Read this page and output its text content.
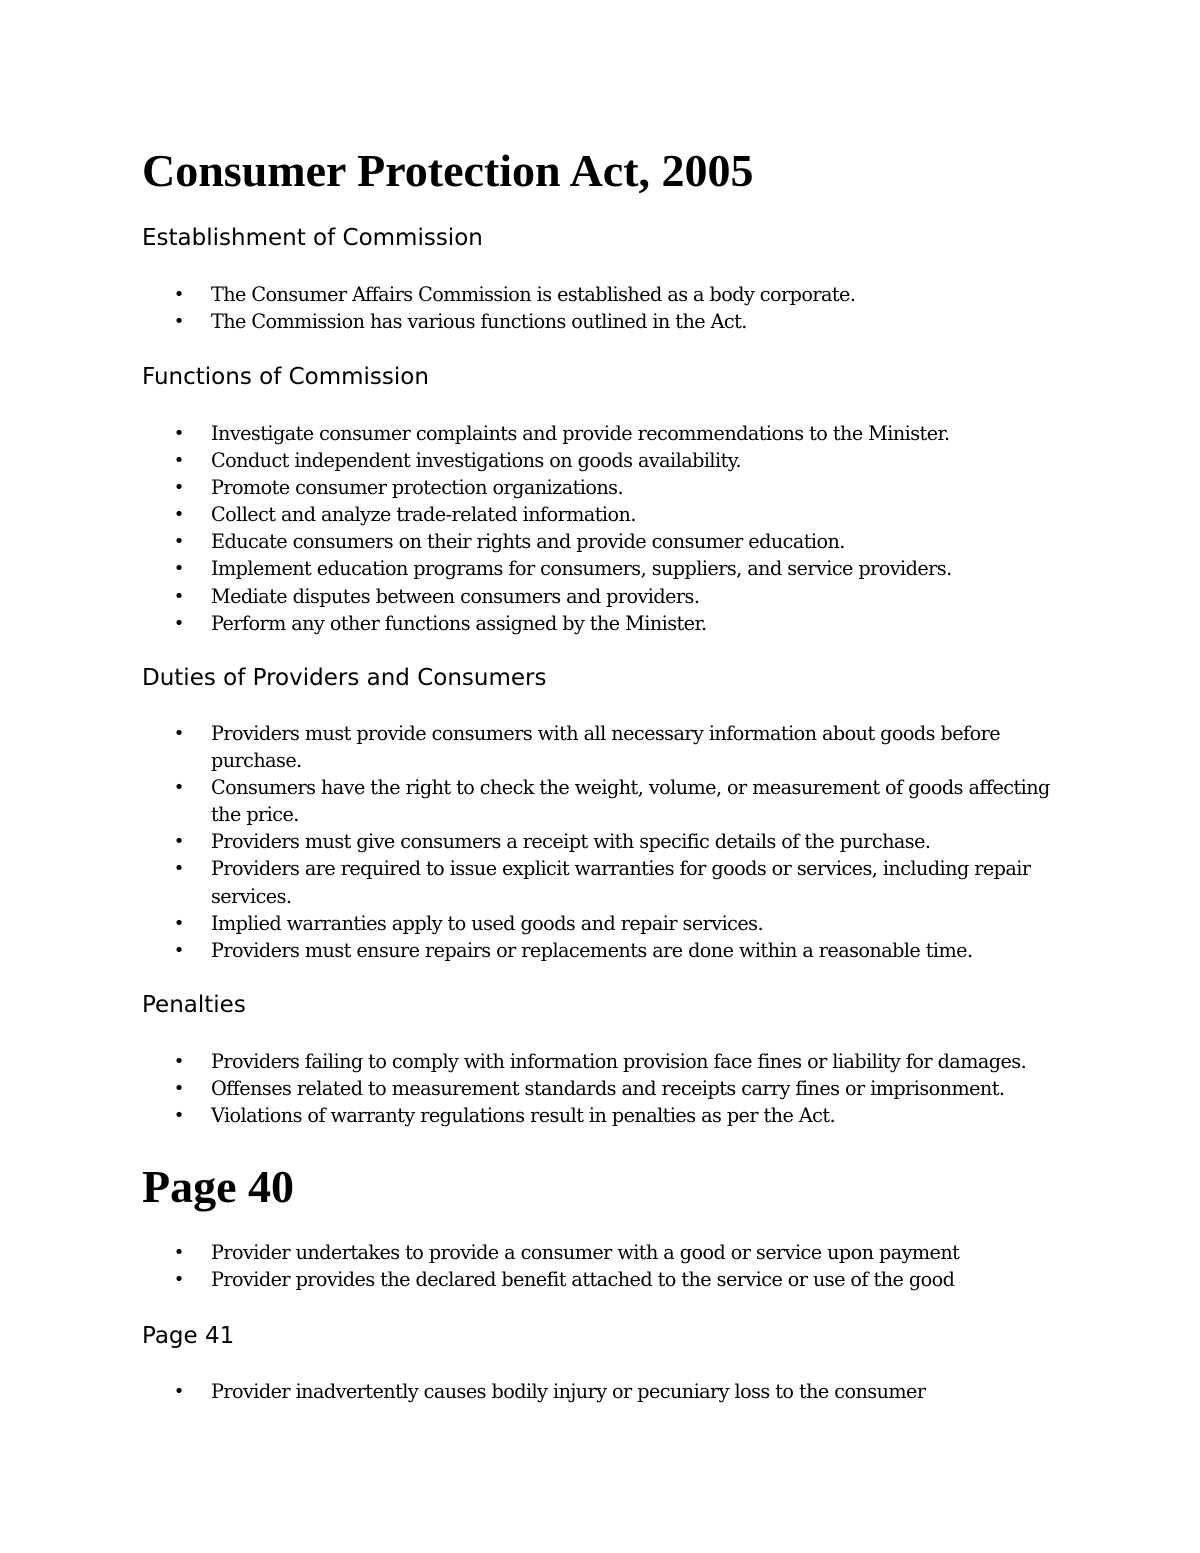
Consumer Protection Act, 2005
Establishment of Commission
• The Consumer Affairs Commission is established as a body corporate.
• The Commission has various functions outlined in the Act.
Functions of Commission
• Investigate consumer complaints and provide recommendations to the Minister.
• Conduct independent investigations on goods availability.
• Promote consumer protection organizations.
• Collect and analyze trade-related information.
• Educate consumers on their rights and provide consumer education.
• Implement education programs for consumers, suppliers, and service providers.
• Mediate disputes between consumers and providers.
• Perform any other functions assigned by the Minister.
Duties of Providers and Consumers
• Providers must provide consumers with all necessary information about goods before purchase.
• Consumers have the right to check the weight, volume, or measurement of goods affecting the price.
• Providers must give consumers a receipt with specific details of the purchase.
• Providers are required to issue explicit warranties for goods or services, including repair services.
• Implied warranties apply to used goods and repair services.
• Providers must ensure repairs or replacements are done within a reasonable time.
Penalties
• Providers failing to comply with information provision face fines or liability for damages.
• Offenses related to measurement standards and receipts carry fines or imprisonment.
• Violations of warranty regulations result in penalties as per the Act.
Page 40
• Provider undertakes to provide a consumer with a good or service upon payment
• Provider provides the declared benefit attached to the service or use of the good
Page 41
• Provider inadvertently causes bodily injury or pecuniary loss to the consumer
